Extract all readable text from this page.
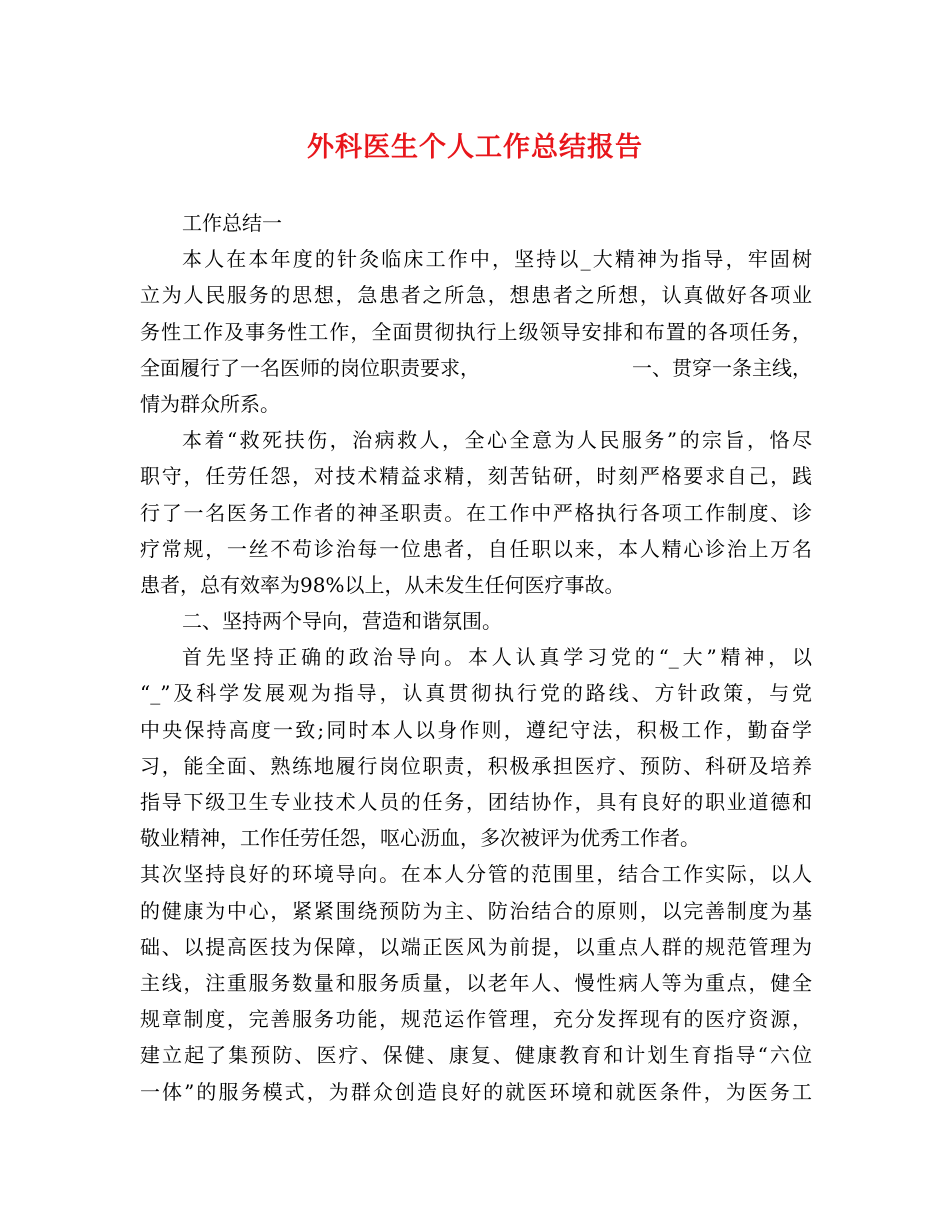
外科医生个人工作总结报告
工作总结一
本人在本年度的针灸临床工作中，坚持以_大精神为指导，牢固树
立为人民服务的思想，急患者之所急，想患者之所想，认真做好各项业
务性工作及事务性工作，全面贯彻执行上级领导安排和布置的各项任务，
全面履行了一名医师的岗位职责要求，	一、贯穿一条主线，
情为群众所系。
本着“救死扶伤，治病救人，全心全意为人民服务”的宗旨，恪尽
职守，任劳任怨，对技术精益求精，刻苦钻研，时刻严格要求自己，践
行了一名医务工作者的神圣职责。在工作中严格执行各项工作制度、诊
疗常规，一丝不苟诊治每一位患者，自任职以来，本人精心诊治上万名
患者，总有效率为98%以上，从未发生任何医疗事故。
二、坚持两个导向，营造和谐氛围。
首先坚持正确的政治导向。本人认真学习党的“_大”精神，以
“_”及科学发展观为指导，认真贯彻执行党的路线、方针政策，与党
中央保持高度一致;同时本人以身作则，遵纪守法，积极工作，勤奋学
习，能全面、熟练地履行岗位职责，积极承担医疗、预防、科研及培养
指导下级卫生专业技术人员的任务，团结协作，具有良好的职业道德和
敬业精神，工作任劳任怨，呕心沥血，多次被评为优秀工作者。
其次坚持良好的环境导向。在本人分管的范围里，结合工作实际，以人
的健康为中心，紧紧围绕预防为主、防治结合的原则，以完善制度为基
础、以提高医技为保障，以端正医风为前提，以重点人群的规范管理为
主线，注重服务数量和服务质量，以老年人、慢性病人等为重点，健全
规章制度，完善服务功能，规范运作管理，充分发挥现有的医疗资源，
建立起了集预防、医疗、保健、康复、健康教育和计划生育指导“六位
一体”的服务模式，为群众创造良好的就医环境和就医条件，为医务工
